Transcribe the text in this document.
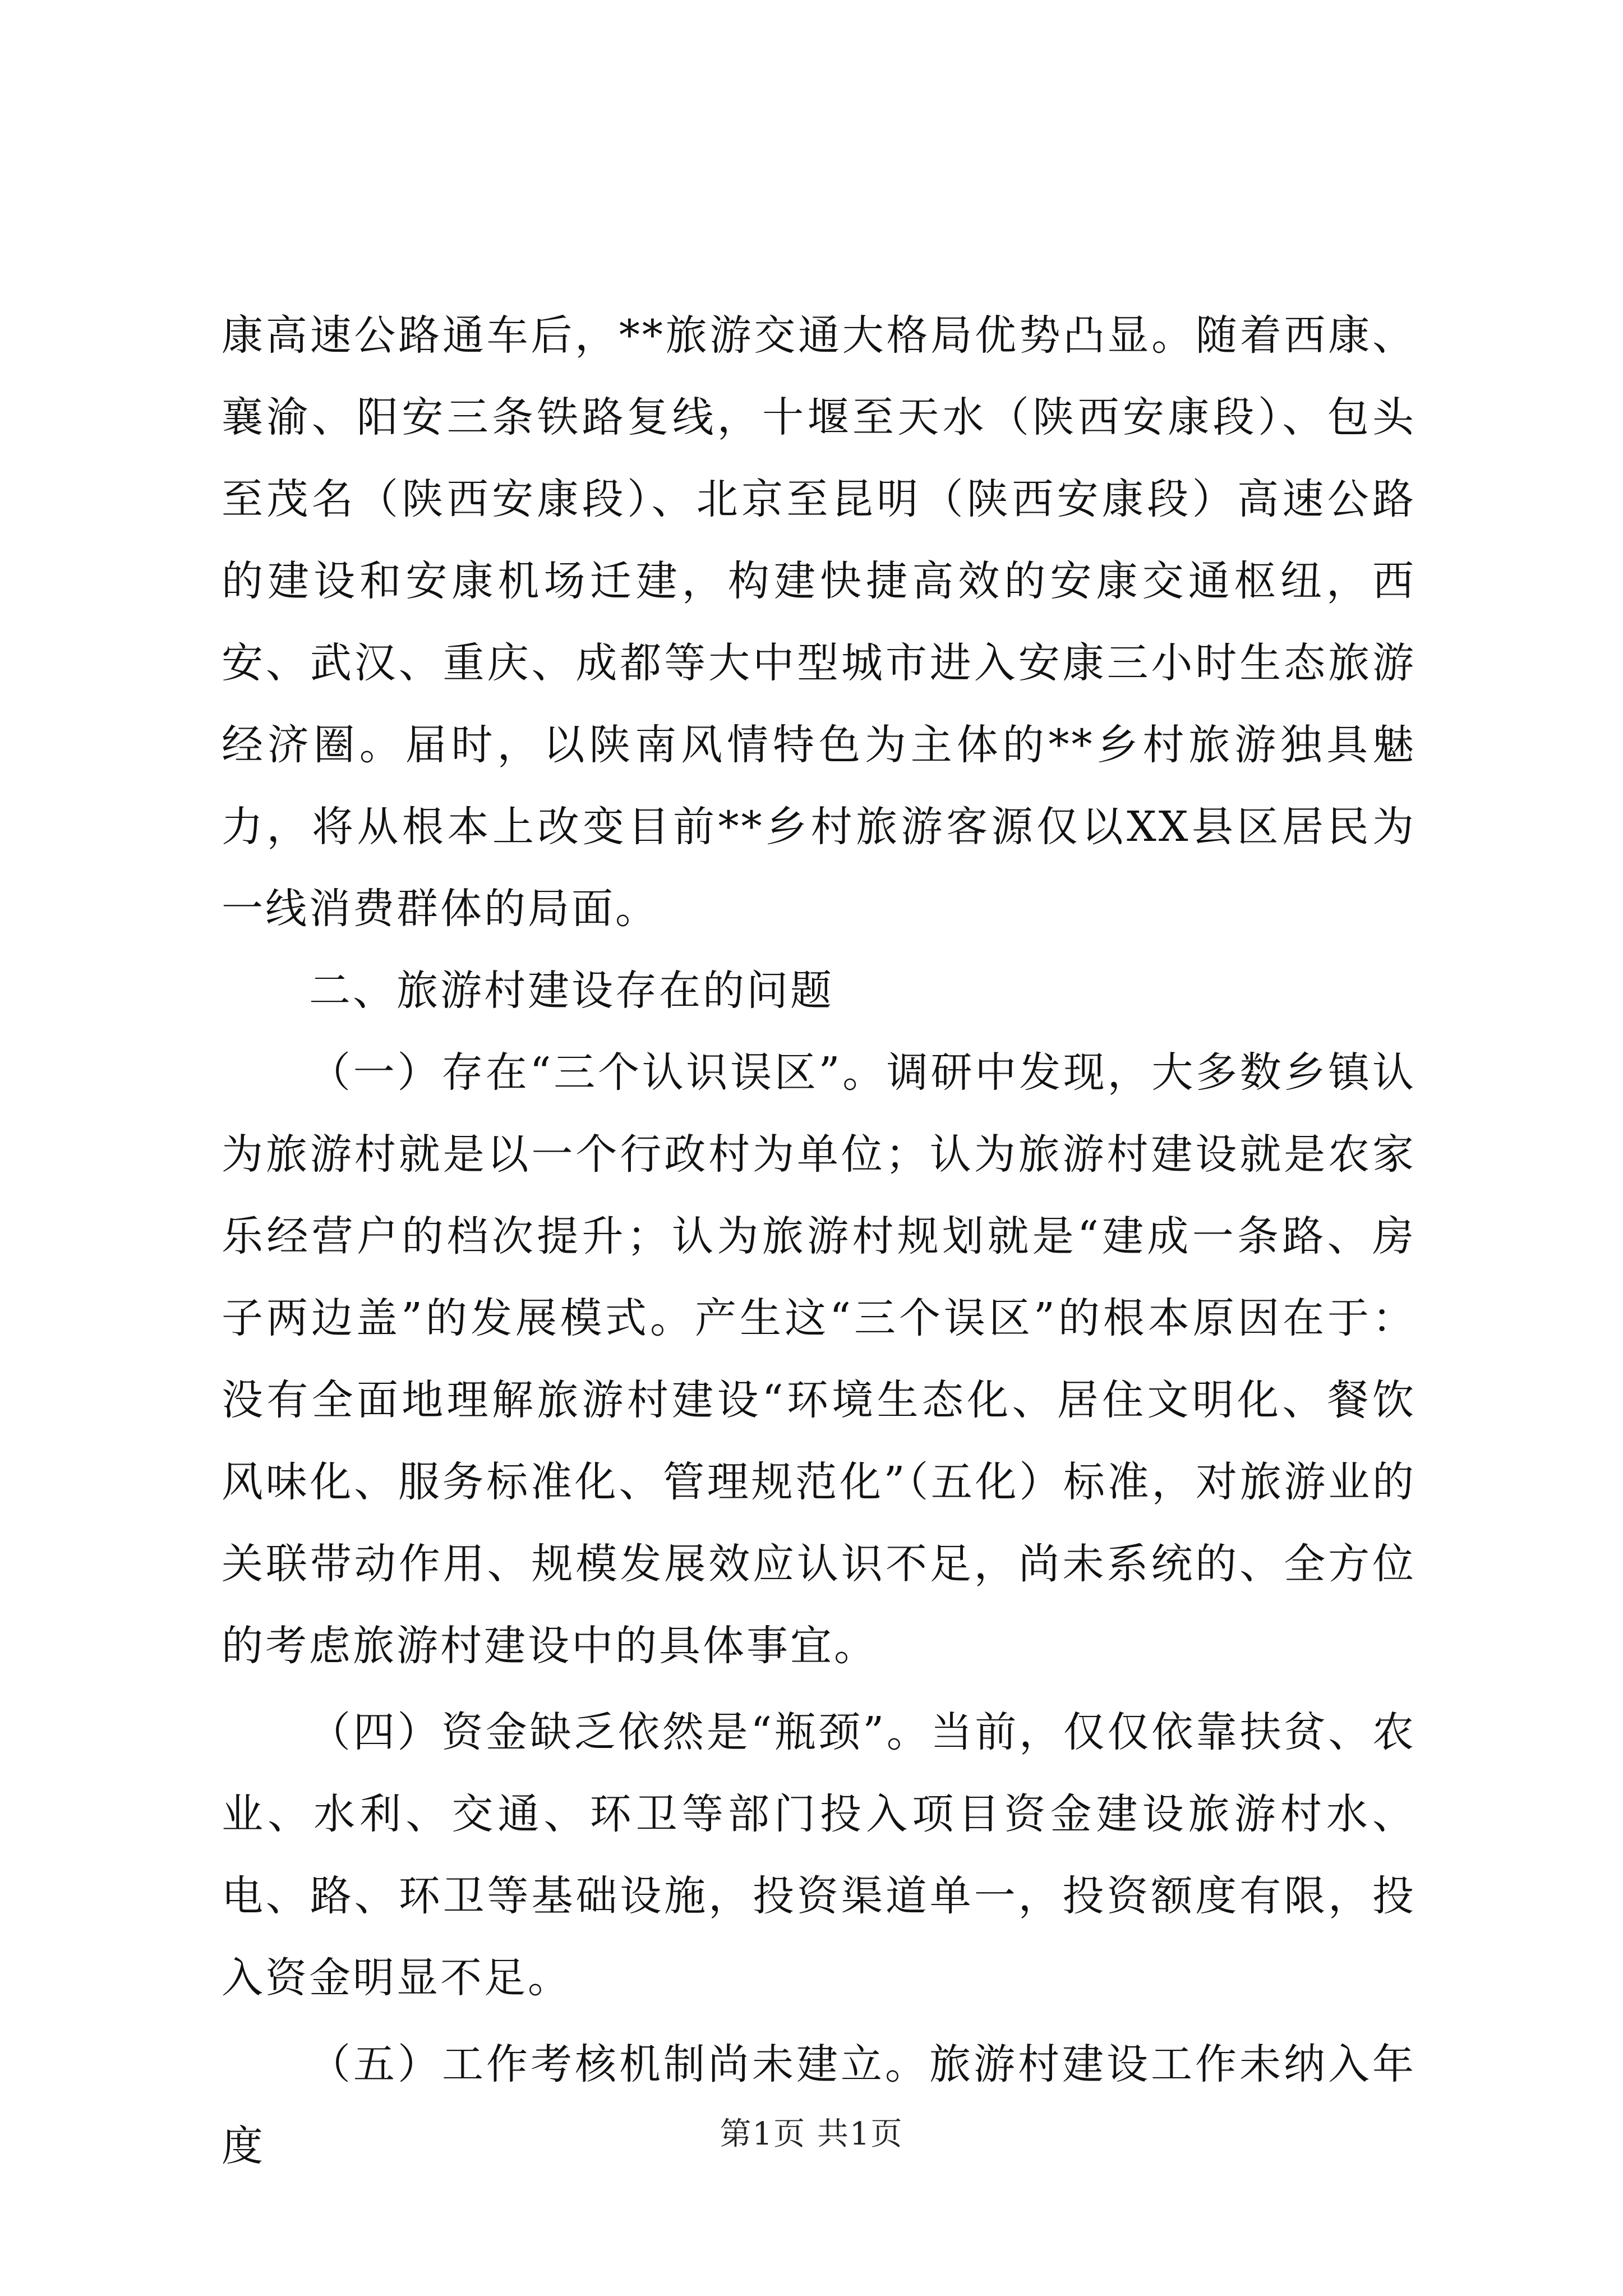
康高速公路通车后，**旅游交通大格局优势凸显。随着西康、襄渝、阳安三条铁路复线，十堰至天水（陕西安康段）、包头至茂名（陕西安康段）、北京至昆明（陕西安康段）高速公路的建设和安康机场迁建，构建快捷高效的安康交通枢纽，西安、武汉、重庆、成都等大中型城市进入安康三小时生态旅游经济圈。届时，以陕南风情特色为主体的**乡村旅游独具魅力，将从根本上改变目前**乡村旅游客源仅以XX县区居民为一线消费群体的局面。

二、旅游村建设存在的问题

（一）存在“三个认识误区”。调研中发现，大多数乡镇认为旅游村就是以一个行政村为单位；认为旅游村建设就是农家乐经营户的档次提升；认为旅游村规划就是“建成一条路、房子两边盖”的发展模式。产生这“三个误区”的根本原因在于：没有全面地理解旅游村建设“环境生态化、居住文明化、餐饮风味化、服务标准化、管理规范化”（五化）标准，对旅游业的关联带动作用、规模发展效应认识不足，尚未系统的、全方位的考虑旅游村建设中的具体事宜。

（四）资金缺乏依然是“瓶颈”。当前，仅仅依靠扶贫、农业、水利、交通、环卫等部门投入项目资金建设旅游村水、电、路、环卫等基础设施，投资渠道单一，投资额度有限，投入资金明显不足。

（五）工作考核机制尚未建立。旅游村建设工作未纳入年度	第1页 共1页
